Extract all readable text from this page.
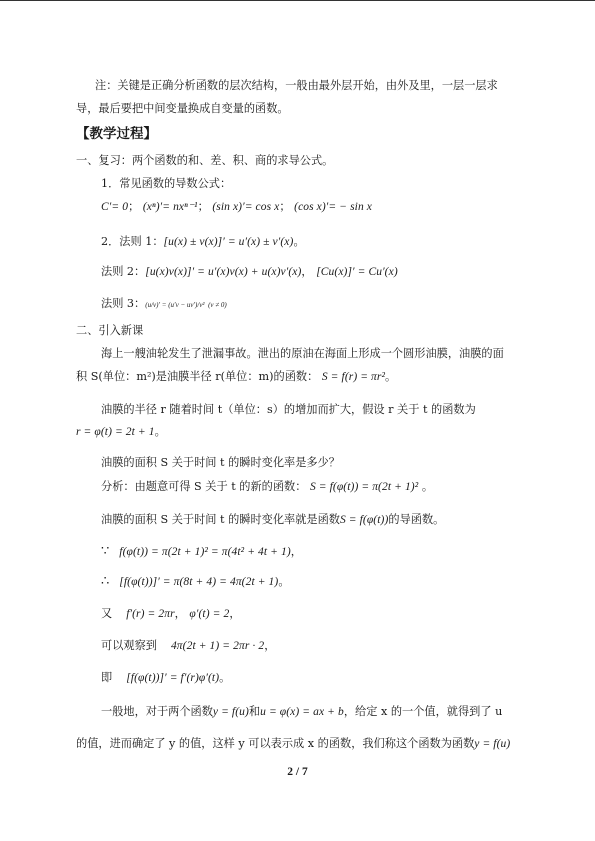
注：关键是正确分析函数的层次结构，一般由最外层开始，由外及里，一层一层求
导，最后要把中间变量换成自变量的函数。
【教学过程】
一、复习：两个函数的和、差、积、商的求导公式。
1．常见函数的导数公式：
C′= 0； (xⁿ)′= nxⁿ⁻¹； (sin x)′= cos x； (cos x)′= − sin x
2．法则 1：[u(x) ± v(x)]′ = u′(x) ± v′(x)。
法则 2：[u(x)v(x)]′ = u′(x)v(x) + u(x)v′(x)， [Cu(x)]′ = Cu′(x)
法则 3：(u/v)′ = (u′v − uv′)/v² (v ≠ 0)
二、引入新课
海上一艘油轮发生了泄漏事故。泄出的原油在海面上形成一个圆形油膜，油膜的面
积 S(单位：m²)是油膜半径 r(单位：m)的函数： S = f(r) = πr²。
油膜的半径 r 随着时间 t（单位：s）的增加而扩大，假设 r 关于 t 的函数为
r = φ(t) = 2t + 1。
油膜的面积 S 关于时间 t 的瞬时变化率是多少？
分析：由题意可得 S 关于 t 的新的函数： S = f(φ(t)) = π(2t + 1)² 。
油膜的面积 S 关于时间 t 的瞬时变化率就是函数S = f(φ(t))的导函数。
∵ f(φ(t)) = π(2t + 1)² = π(4t² + 4t + 1)，
∴ [f(φ(t))]′ = π(8t + 4) = 4π(2t + 1)。
又 f′(r) = 2πr， φ′(t) = 2，
可以观察到 4π(2t + 1) = 2πr · 2，
即 [f(φ(t))]′ = f′(r)φ′(t)。
一般地，对于两个函数y = f(u)和u = φ(x) = ax + b，给定 x 的一个值，就得到了 u
的值，进而确定了 y 的值，这样 y 可以表示成 x 的函数，我们称这个函数为函数y = f(u)
2 / 7
